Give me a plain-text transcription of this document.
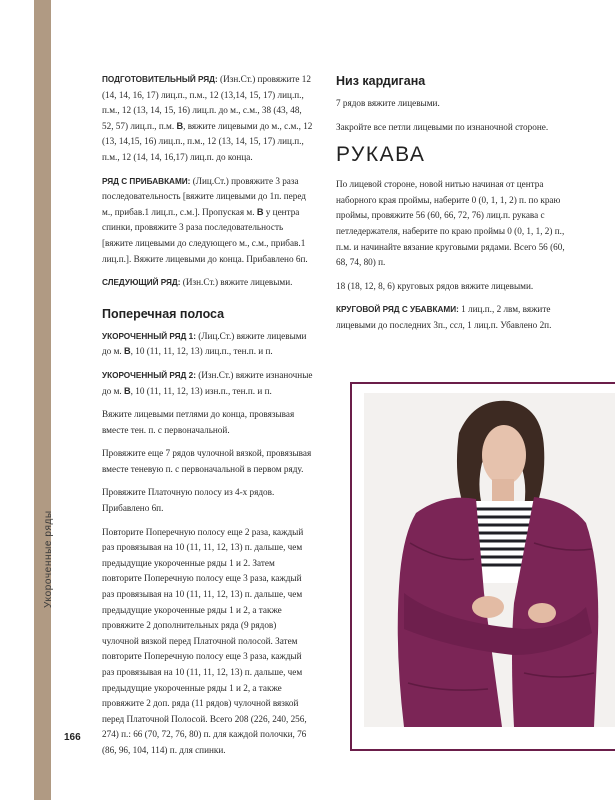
Укороченные ряды
166

ПОДГОТОВИТЕЛЬНЫЙ РЯД: (Изн.Ст.) провяжите 12 (14, 14, 16, 17) лиц.п., п.м., 12 (13,14, 15, 17) лиц.п., п.м., 12 (13, 14, 15, 16) лиц.п. до м., с.м., 38 (43, 48, 52, 57) лиц.п., п.м. B, вяжите лицевыми до м., с.м., 12 (13, 14,15, 16) лиц.п., п.м., 12 (13, 14, 15, 17) лиц.п., п.м., 12 (14, 14, 16,17) лиц.п. до конца.

РЯД С ПРИБАВКАМИ: (Лиц.Ст.) провяжите 3 раза последовательность [вяжите лицевыми до 1п. перед м., прибав.1 лиц.п., с.м.]. Пропуская м. B у центра спинки, провяжите 3 раза последовательность [вяжите лицевыми до следующего м., с.м., прибав.1 лиц.п.]. Вяжите лицевыми до конца. Прибавлено 6п.

СЛЕДУЮЩИЙ РЯД: (Изн.Ст.) вяжите лицевыми.

Поперечная полоса

УКОРОЧЕННЫЙ РЯД 1: (Лиц.Ст.) вяжите лицевыми до м. B, 10 (11, 11, 12, 13) лиц.п., тен.п. и п.

УКОРОЧЕННЫЙ РЯД 2: (Изн.Ст.) вяжите изнаночные до м. B, 10 (11, 11, 12, 13) изн.п., тен.п. и п.

Вяжите лицевыми петлями до конца, провязывая вместе тен. п. с первоначальной.

Провяжите еще 7 рядов чулочной вязкой, провязывая вместе теневую п. с первоначальной в первом ряду.

Провяжите Платочную полосу из 4-х рядов. Прибавлено 6п.

Повторите Поперечную полосу еще 2 раза, каждый раз провязывая на 10 (11, 11, 12, 13) п. дальше, чем предыдущие укороченные ряды 1 и 2. Затем повторите Поперечную полосу еще 3 раза, каждый раз провязывая на 10 (11, 11, 12, 13) п. дальше, чем предыдущие укороченные ряды 1 и 2, а также провяжите 2 дополнительных ряда (9 рядов) чулочной вязкой перед Платочной полосой. Затем повторите Поперечную полосу еще 3 раза, каждый раз провязывая на 10 (11, 11, 12, 13) п. дальше, чем предыдущие укороченные ряды 1 и 2, а также провяжите 2 доп. ряда (11 рядов) чулочной вязкой перед Платочной Полосой. Всего 208 (226, 240, 256, 274) п.: 66 (70, 72, 76, 80) п. для каждой полочки, 76 (86, 96, 104, 114) п. для спинки.

Низ кардигана

7 рядов вяжите лицевыми.

Закройте все петли лицевыми по изнаночной стороне.

РУКАВА

По лицевой стороне, новой нитью начиная от центра наборного края проймы, наберите 0 (0, 1, 1, 2) п. по краю проймы, провяжите 56 (60, 66, 72, 76) лиц.п. рукава с петледержателя, наберите по краю проймы 0 (0, 1, 1, 2) п., п.м. и начинайте вязание круговыми рядами. Всего 56 (60, 68, 74, 80) п.

18 (18, 12, 8, 6) круговых рядов вяжите лицевыми.

КРУГОВОЙ РЯД С УБАВКАМИ: 1 лиц.п., 2 лвм, вяжите лицевыми до последних 3п., ссл, 1 лиц.п. Убавлено 2п.
